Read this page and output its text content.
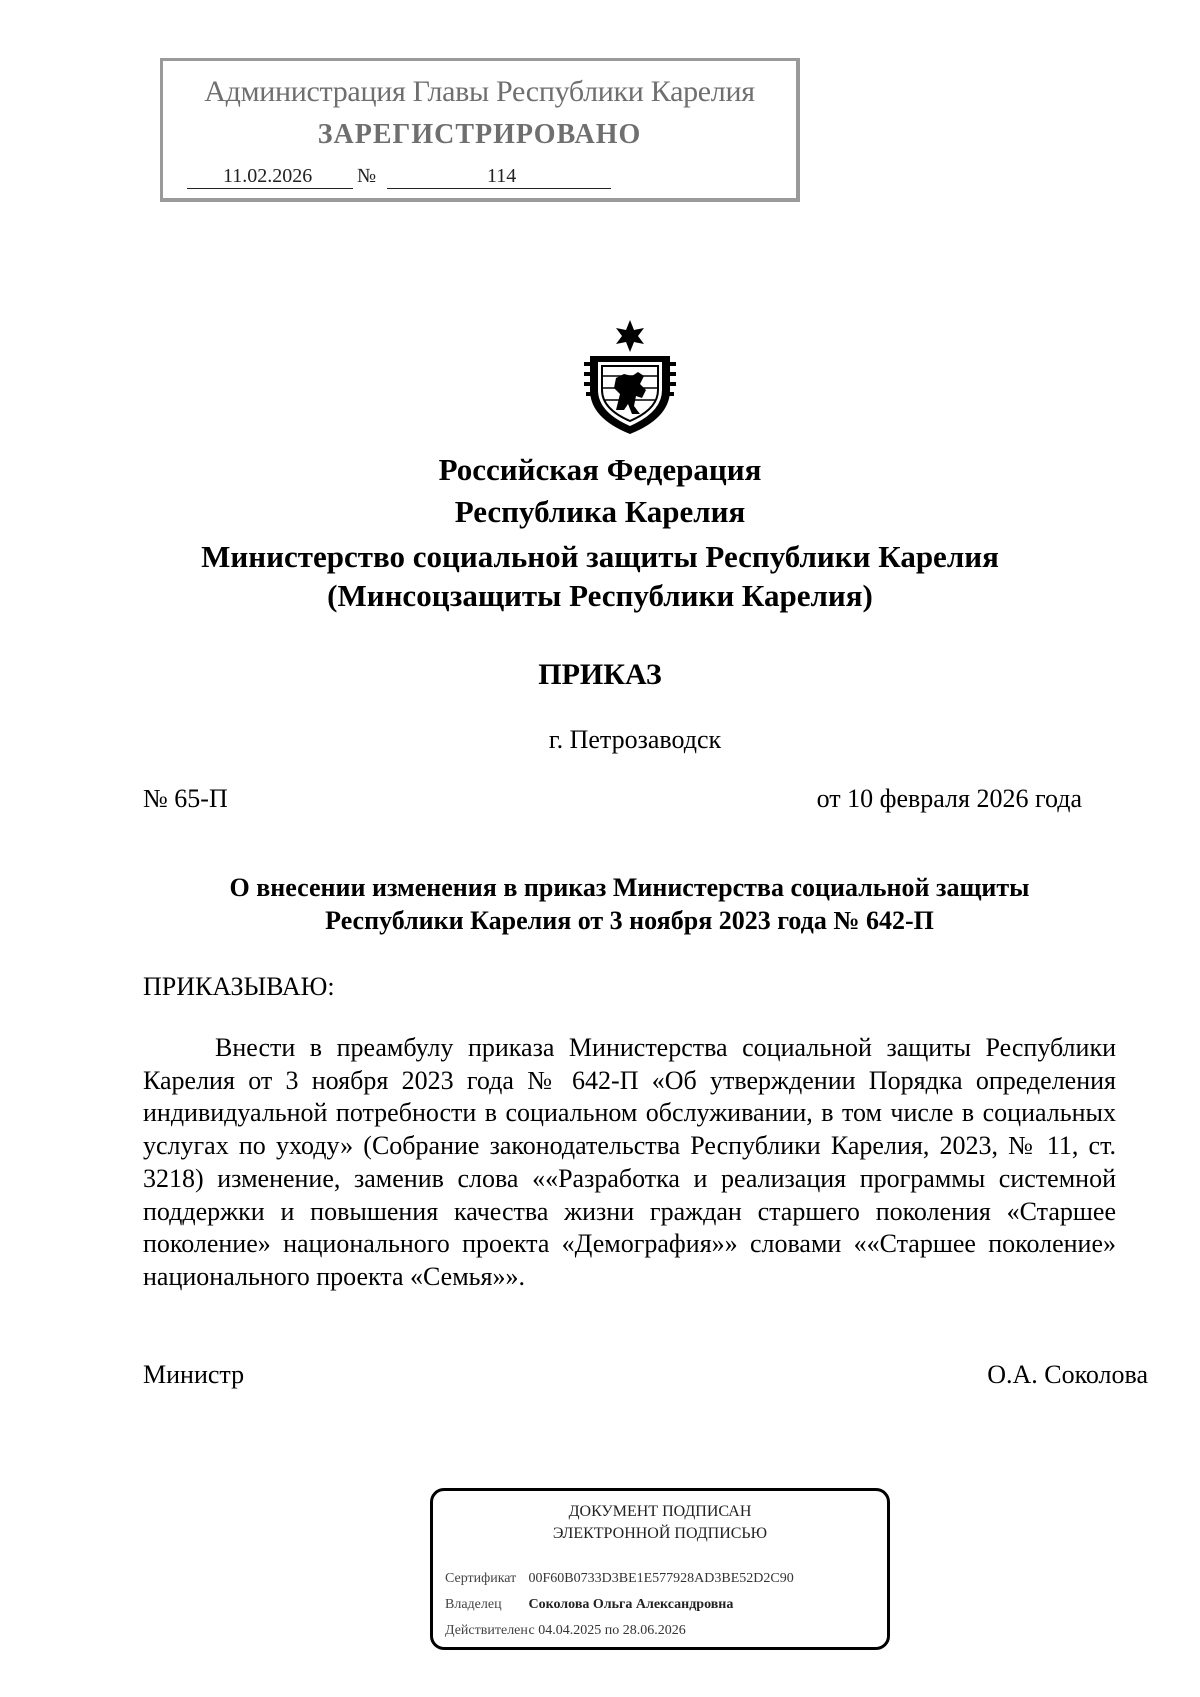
Администрация Главы Республики Карелия
ЗАРЕГИСТРИРОВАНО
11.02.2026 №	114
Российская Федерация
Республика Карелия
Министерство социальной защиты Республики Карелия
(Минсоцзащиты Республики Карелия)
ПРИКАЗ
г. Петрозаводск
№ 65-П	от 10 февраля 2026 года
О внесении изменения в приказ Министерства социальной защиты
Республики Карелия от 3 ноября 2023 года № 642-П
ПРИКАЗЫВАЮ:
Внести в преамбулу приказа Министерства социальной защиты Республики Карелия от 3 ноября 2023 года № 642-П «Об утверждении Порядка определения индивидуальной потребности в социальном обслуживании, в том числе в социальных услугах по уходу» (Собрание законодательства Республики Карелия, 2023, № 11, ст. 3218) изменение, заменив слова ««Разработка и реализация программы системной поддержки и повышения качества жизни граждан старшего поколения «Старшее поколение» национального проекта «Демография»» словами ««Старшее поколение» национального проекта «Семья»».
Министр	О.А. Соколова
ДОКУМЕНТ ПОДПИСАН
ЭЛЕКТРОННОЙ ПОДПИСЬЮ
Сертификат 00F60B0733D3BE1E577928AD3BE52D2C90
Владелец Соколова Ольга Александровна
Действителен с 04.04.2025 по 28.06.2026
